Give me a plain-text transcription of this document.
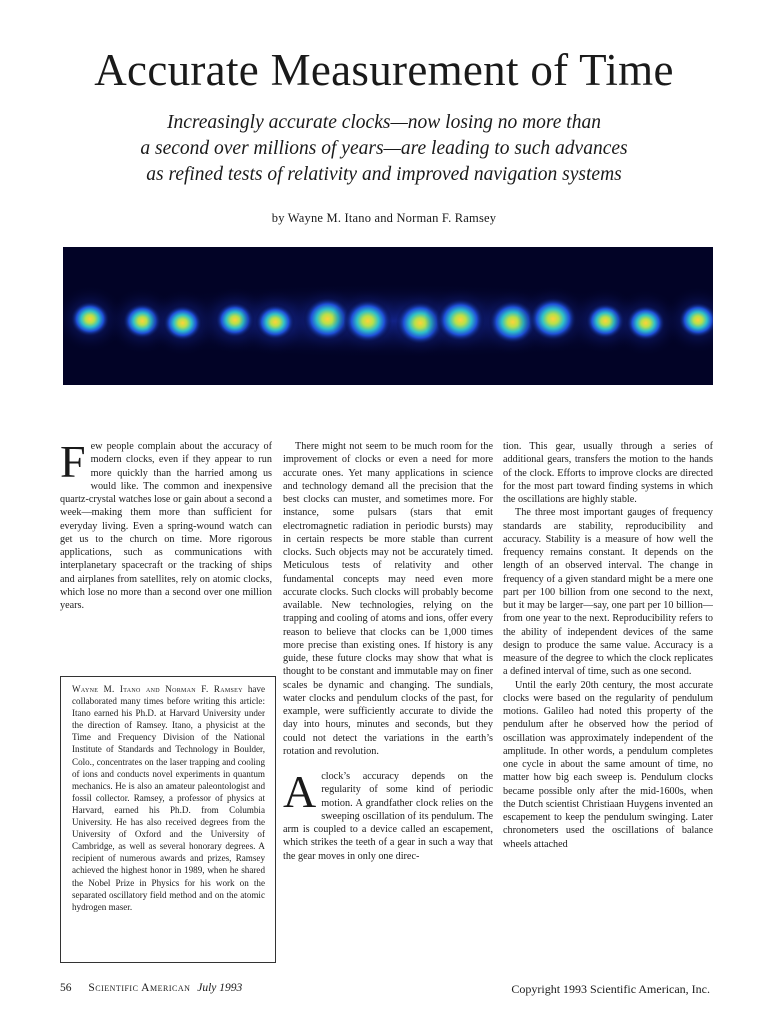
Accurate Measurement of Time
Increasingly accurate clocks—now losing no more than
a second over millions of years—are leading to such advances
as refined tests of relativity and improved navigation systems
by Wayne M. Itano and Norman F. Ramsey

Few people complain about the accuracy of modern clocks, even if they appear to run more quickly than the harried among us would like. The common and inexpensive quartz-crystal watches lose or gain about a second a week—making them more than sufficient for everyday living. Even a spring-wound watch can get us to the church on time. More rigorous applications, such as communications with interplanetary spacecraft or the tracking of ships and airplanes from satellites, rely on atomic clocks, which lose no more than a second over one million years.

There might not seem to be much room for the improvement of clocks or even a need for more accurate ones. Yet many applications in science and technology demand all the precision that the best clocks can muster, and sometimes more. For instance, some pulsars (stars that emit electromagnetic radiation in periodic bursts) may in certain respects be more stable than current clocks. Such objects may not be accurately timed. Meticulous tests of relativity and other fundamental concepts may need even more accurate clocks. Such clocks will probably become available. New technologies, relying on the trapping and cooling of atoms and ions, offer every reason to believe that clocks can be 1,000 times more precise than existing ones. If history is any guide, these future clocks may show that what is thought to be constant and immutable may on finer scales be dynamic and changing. The sundials, water clocks and pendulum clocks of the past, for example, were sufficiently accurate to divide the day into hours, minutes and seconds, but they could not detect the variations in the earth’s rotation and revolution.

Aclock’s accuracy depends on the regularity of some kind of periodic motion. A grandfather clock relies on the sweeping oscillation of its pendulum. The arm is coupled to a device called an escapement, which strikes the teeth of a gear in such a way that the gear moves in only one direc-

tion. This gear, usually through a series of additional gears, transfers the motion to the hands of the clock. Efforts to improve clocks are directed for the most part toward finding systems in which the oscillations are highly stable.

The three most important gauges of frequency standards are stability, reproducibility and accuracy. Stability is a measure of how well the frequency remains constant. It depends on the length of an observed interval. The change in frequency of a given standard might be a mere one part per 100 billion from one second to the next, but it may be larger—say, one part per 10 billion—from one year to the next. Reproducibility refers to the ability of independent devices of the same design to produce the same value. Accuracy is a measure of the degree to which the clock replicates a defined interval of time, such as one second.

Until the early 20th century, the most accurate clocks were based on the regularity of pendulum motions. Galileo had noted this property of the pendulum after he observed how the period of oscillation was approximately independent of the amplitude. In other words, a pendulum completes one cycle in about the same amount of time, no matter how big each sweep is. Pendulum clocks became possible only after the mid-1600s, when the Dutch scientist Christiaan Huygens invented an escapement to keep the pendulum swinging. Later chronometers used the oscillations of balance wheels attached

Wayne M. Itano and Norman F. Ramsey have collaborated many times before writing this article: Itano earned his Ph.D. at Harvard University under the direction of Ramsey. Itano, a physicist at the Time and Frequency Division of the National Institute of Standards and Technology in Boulder, Colo., concentrates on the laser trapping and cooling of ions and conducts novel experiments in quantum mechanics. He is also an amateur paleontologist and fossil collector. Ramsey, a professor of physics at Harvard, earned his Ph.D. from Columbia University. He has also received degrees from the University of Oxford and the University of Cambridge, as well as several honorary degrees. A recipient of numerous awards and prizes, Ramsey achieved the highest honor in 1989, when he shared the Nobel Prize in Physics for his work on the separated oscillatory field method and on the atomic hydrogen maser.
56 Scientific American July 1993	Copyright 1993 Scientific American, Inc.
